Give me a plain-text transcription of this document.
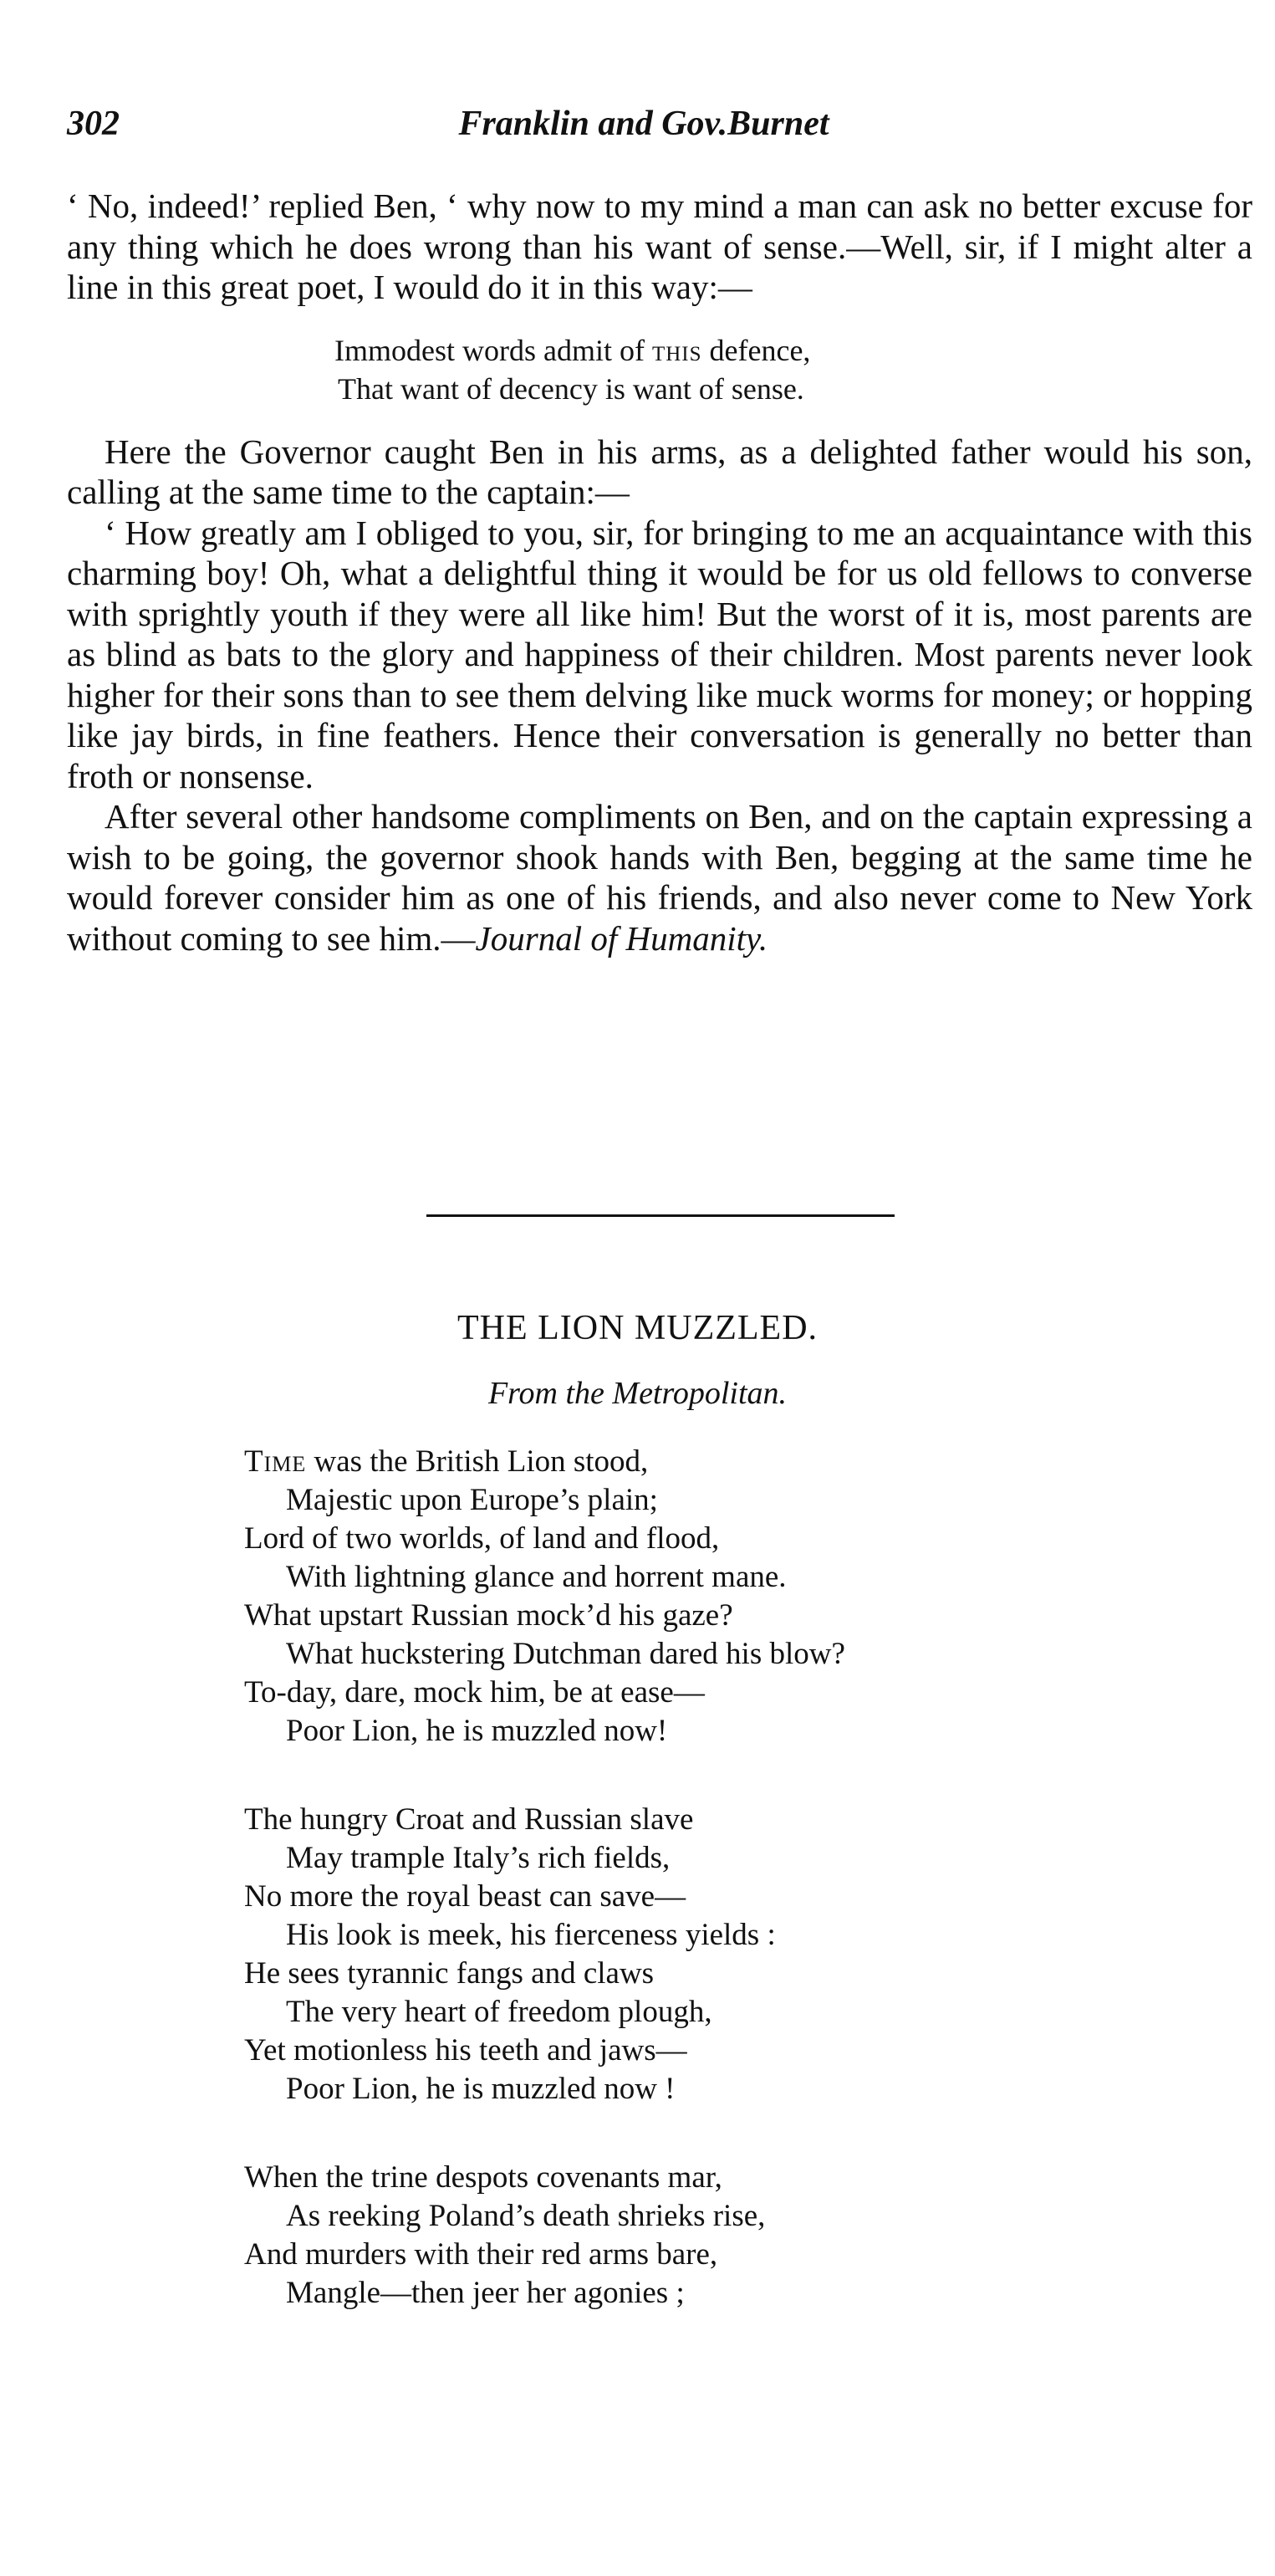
302	Franklin and Gov.Burnet

‘ No, indeed!’ replied Ben, ‘ why now to my mind a man can ask no better excuse for any thing which he does wrong than his want of sense.—Well, sir, if I might alter a line in this great poet, I would do it in this way:—

Immodest words admit of this defence,
That want of decency is want of sense.

Here the Governor caught Ben in his arms, as a delighted father would his son, calling at the same time to the captain:—

‘ How greatly am I obliged to you, sir, for bringing to me an acquaintance with this charming boy! Oh, what a delightful thing it would be for us old fellows to converse with sprightly youth if they were all like him! But the worst of it is, most parents are as blind as bats to the glory and happiness of their children. Most parents never look higher for their sons than to see them delving like muck worms for money; or hopping like jay birds, in fine feathers. Hence their conversation is generally no better than froth or nonsense.

After several other handsome compliments on Ben, and on the captain expressing a wish to be going, the governor shook hands with Ben, begging at the same time he would forever consider him as one of his friends, and also never come to New York without coming to see him.—Journal of Humanity.

THE LION MUZZLED.
From the Metropolitan.
Time was the British Lion stood,
Majestic upon Europe’s plain;
Lord of two worlds, of land and flood,
With lightning glance and horrent mane.
What upstart Russian mock’d his gaze?
What huckstering Dutchman dared his blow?
To-day, dare, mock him, be at ease—
Poor Lion, he is muzzled now!
The hungry Croat and Russian slave
May trample Italy’s rich fields,
No more the royal beast can save—
His look is meek, his fierceness yields :
He sees tyrannic fangs and claws
The very heart of freedom plough,
Yet motionless his teeth and jaws—
Poor Lion, he is muzzled now !
When the trine despots covenants mar,
As reeking Poland’s death shrieks rise,
And murders with their red arms bare,
Mangle—then jeer her agonies ;
